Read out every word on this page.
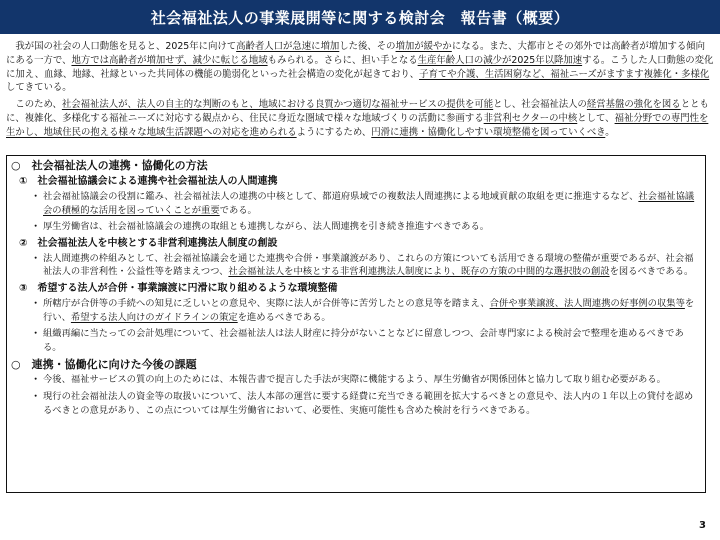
社会福祉法人の事業展開等に関する検討会　報告書（概要）

我が国の社会の人口動態を見ると、2025年に向けて高齢者人口が急速に増加した後、その増加が緩やかになる。また、大都市とその郊外では高齢者が増加する傾向にある一方で、地方では高齢者が増加せず、減少に転じる地域もみられる。さらに、担い手となる生産年齢人口の減少が2025年以降加速する。こうした人口動態の変化に加え、血縁、地縁、社縁といった共同体の機能の脆弱化といった社会構造の変化が起きており、子育てや介護、生活困窮など、福祉ニーズがますます複雑化・多様化してきている。

このため、社会福祉法人が、法人の自主的な判断のもと、地域における良質かつ適切な福祉サービスの提供を可能とし、社会福祉法人の経営基盤の強化を図るとともに、複雑化、多様化する福祉ニーズに対応する観点から、住民に身近な圏域で様々な地域づくりの活動に参画する非営利セクターの中核として、福祉分野での専門性を生かし、地域住民の抱える様々な地域生活課題への対応を進められるようにするため、円滑に連携・協働化しやすい環境整備を図っていくべき。

○　社会福祉法人の連携・協働化の方法
①　社会福祉協議会による連携や社会福祉法人の人間連携
・ 社会福祉協議会の役割に鑑み、社会福祉法人の連携の中核として、都道府県域での複数法人間連携による地域貢献の取組を更に推進するなど、社会福祉協議会の積極的な活用を図っていくことが重要である。
・ 厚生労働省は、社会福祉協議会の連携の取組とも連携しながら、法人間連携を引き続き推進すべきである。
②　社会福祉法人を中核とする非営利連携法人制度の創設
・ 法人間連携の枠組みとして、社会福祉協議会を通じた連携や合併・事業譲渡があり、これらの方策についても活用できる環境の整備が重要であるが、社会福祉法人の非営利性・公益性等を踏まえつつ、社会福祉法人を中核とする非営利連携法人制度により、既存の方策の中間的な選択肢の創設を図るべきである。
③　希望する法人が合併・事業譲渡に円滑に取り組めるような環境整備
・ 所轄庁が合併等の手続への知見に乏しいとの意見や、実際に法人が合併等に苦労したとの意見等を踏まえ、合併や事業譲渡、法人間連携の好事例の収集等を行い、希望する法人向けのガイドラインの策定を進めるべきである。
・ 組織再編に当たっての会計処理について、社会福祉法人は法人財産に持分がないことなどに留意しつつ、会計専門家による検討会で整理を進めるべきである。
○　連携・協働化に向けた今後の課題
・ 今後、福祉サービスの質の向上のためには、本報告書で提言した手法が実際に機能するよう、厚生労働省が関係団体と協力して取り組む必要がある。
・ 現行の社会福祉法人の資金等の取扱いについて、法人本部の運営に要する経費に充当できる範囲を拡大するべきとの意見や、法人内の１年以上の貸付を認めるべきとの意見があり、この点については厚生労働省において、必要性、実施可能性も含めた検討を行うべきである。
3
